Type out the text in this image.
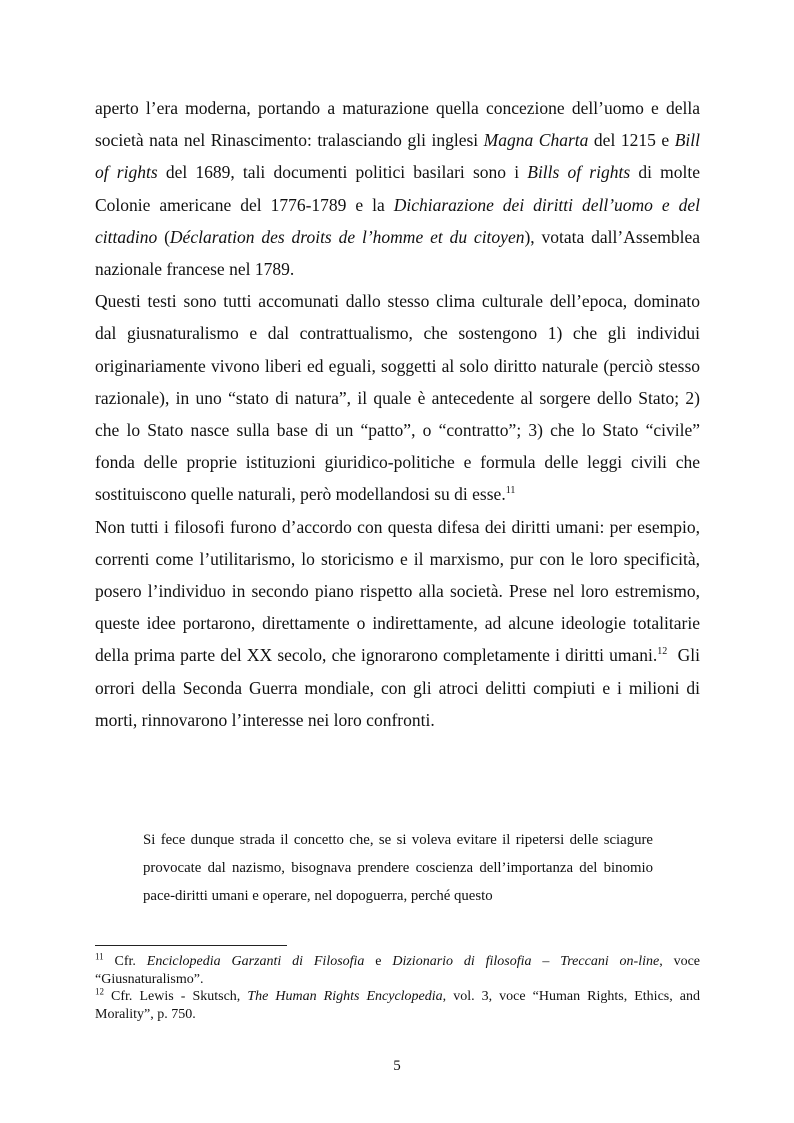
aperto l’era moderna, portando a maturazione quella concezione dell’uomo e della società nata nel Rinascimento: tralasciando gli inglesi Magna Charta del 1215 e Bill of rights del 1689, tali documenti politici basilari sono i Bills of rights di molte Colonie americane del 1776-1789 e la Dichiarazione dei diritti dell’uomo e del cittadino (Déclaration des droits de l’homme et du citoyen), votata dall’Assemblea nazionale francese nel 1789.

Questi testi sono tutti accomunati dallo stesso clima culturale dell’epoca, dominato dal giusnaturalismo e dal contrattualismo, che sostengono 1) che gli individui originariamente vivono liberi ed eguali, soggetti al solo diritto naturale (perciò stesso razionale), in uno “stato di natura”, il quale è antecedente al sorgere dello Stato; 2) che lo Stato nasce sulla base di un “patto”, o “contratto”; 3) che lo Stato “civile” fonda delle proprie istituzioni giuridico-politiche e formula delle leggi civili che sostituiscono quelle naturali, però modellandosi su di esse.$^{11}$

Non tutti i filosofi furono d’accordo con questa difesa dei diritti umani: per esempio, correnti come l’utilitarismo, lo storicismo e il marxismo, pur con le loro specificità, posero l’individuo in secondo piano rispetto alla società. Prese nel loro estremismo, queste idee portarono, direttamente o indirettamente, ad alcune ideologie totalitarie della prima parte del XX secolo, che ignorarono completamente i diritti umani.$^{12}$  Gli orrori della Seconda Guerra mondiale, con gli atroci delitti compiuti e i milioni di morti, rinnovarono l’interesse nei loro confronti.

Si fece dunque strada il concetto che, se si voleva evitare il ripetersi delle sciagure provocate dal nazismo, bisognava prendere coscienza dell’importanza del binomio pace-diritti umani e operare, nel dopoguerra, perché questo

$^{11}$ Cfr. Enciclopedia Garzanti di Filosofia e Dizionario di filosofia – Treccani on-line, voce “Giusnaturalismo”.

$^{12}$ Cfr. Lewis - Skutsch, The Human Rights Encyclopedia, vol. 3, voce “Human Rights, Ethics, and Morality”, p. 750.

5
